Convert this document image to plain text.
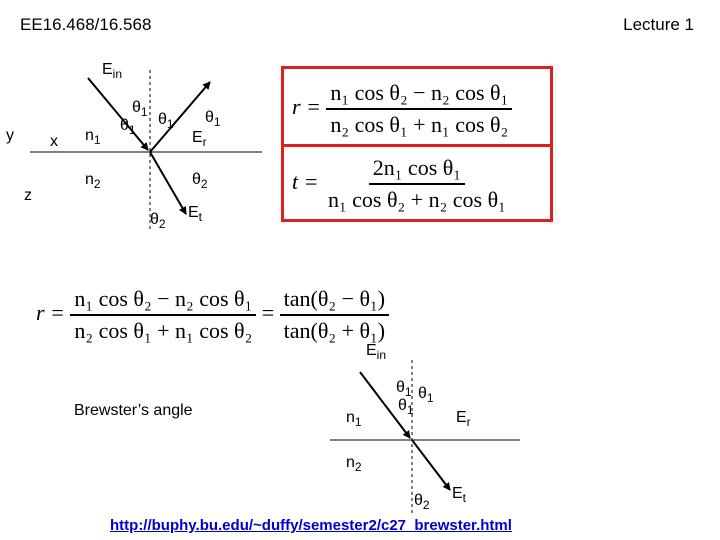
EE16.468/16.568	Lecture 1
$E_{in}$
y x
z
$n_1$
$n_2$
$\theta_1$ $\theta_1$
$\theta_1$
$\theta_1$
$E_r$
$\theta_2$
$\theta_2$
$E_t$
$r = \frac{\text{n₁ cos θ₂ − n₂ cos θ₁}}{\text{n₂ cos θ₁ + n₁ cos θ₂}}$
$t = \frac{\text{2n₁ cos θ₁}}{\text{n₁ cos θ₂ + n₂ cos θ₁}}$
$r = \frac{\text{n₁ cos θ₂ − n₂ cos θ₁}}{\text{n₂ cos θ₁ + n₁ cos θ₂}} = \frac{\text{tan(θ₂ − θ₁)}}{\text{tan(θ₂ + θ₁)}}$
Brewster’s angle
$E_{in}$
$\theta_1$ $\theta_1$
$\theta_1$
$n_1$	$E_r$
$n_2$
$\theta_2$
$E_t$
http://buphy.bu.edu/~duffy/semester2/c27_brewster.html
